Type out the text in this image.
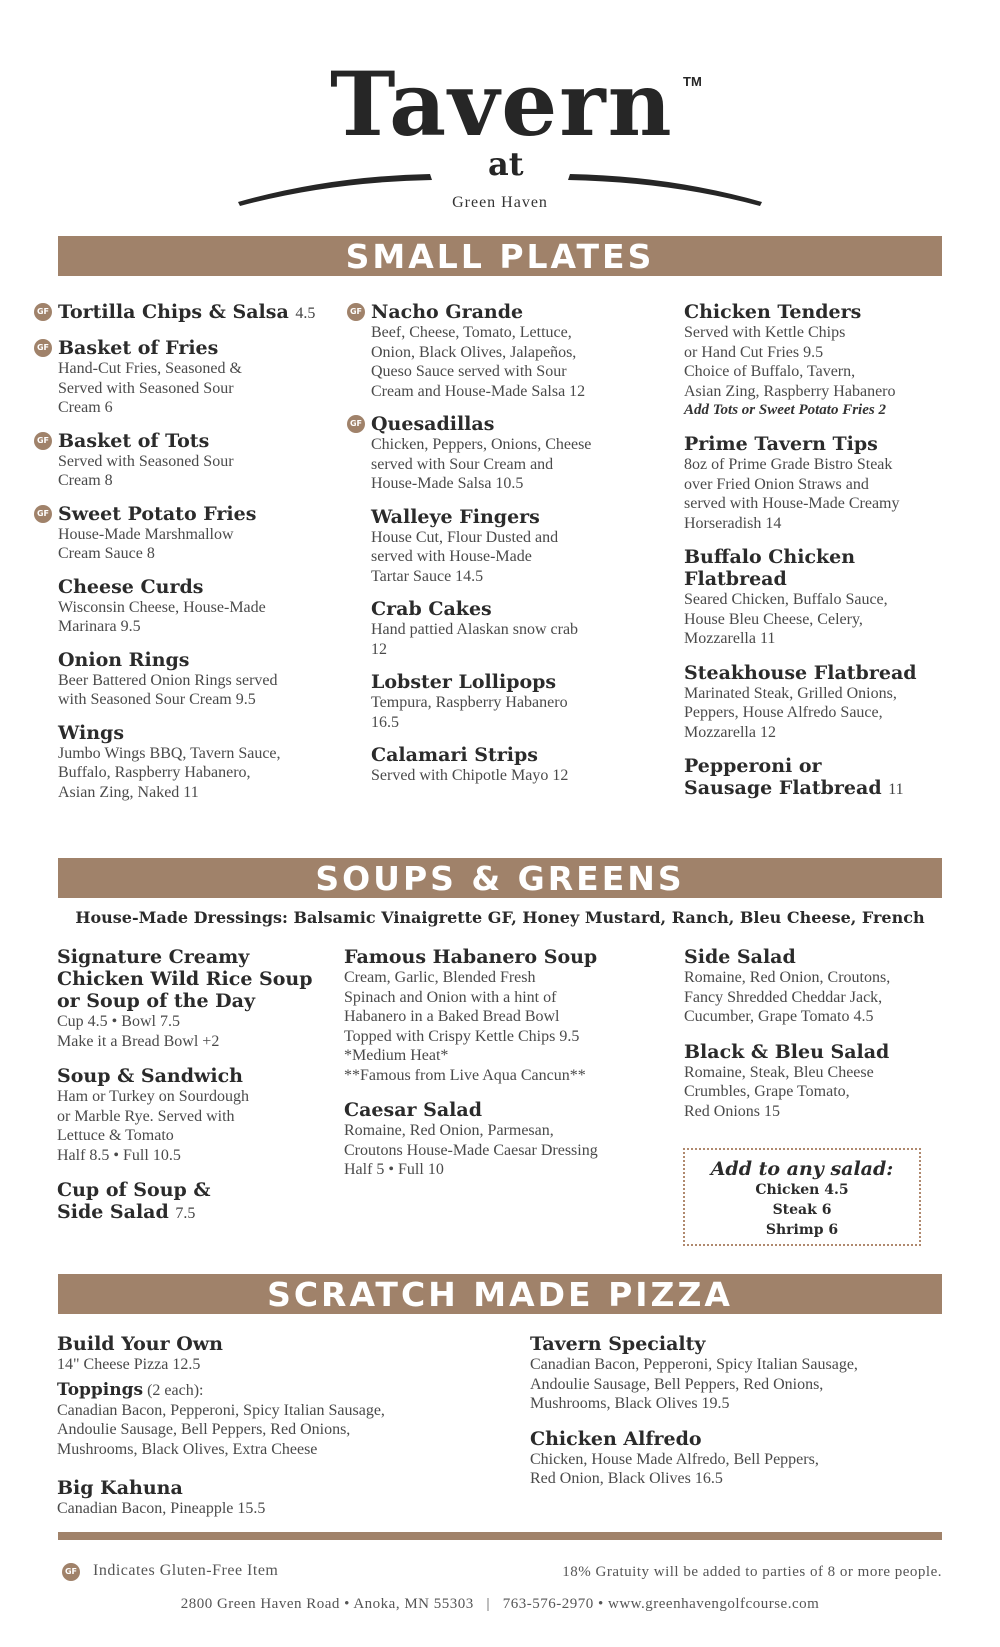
Tavern TM
at
Green Haven
SMALL PLATES
GF Tortilla Chips & Salsa 4.5
GF Basket of Fries
Hand-Cut Fries, Seasoned &
Served with Seasoned Sour
Cream 6
GF Basket of Tots
Served with Seasoned Sour
Cream 8
GF Sweet Potato Fries
House-Made Marshmallow
Cream Sauce 8
Cheese Curds
Wisconsin Cheese, House-Made
Marinara 9.5
Onion Rings
Beer Battered Onion Rings served
with Seasoned Sour Cream 9.5
Wings
Jumbo Wings BBQ, Tavern Sauce,
Buffalo, Raspberry Habanero,
Asian Zing, Naked 11
GF Nacho Grande
Beef, Cheese, Tomato, Lettuce,
Onion, Black Olives, Jalapeños,
Queso Sauce served with Sour
Cream and House-Made Salsa 12
GF Quesadillas
Chicken, Peppers, Onions, Cheese
served with Sour Cream and
House-Made Salsa 10.5
Walleye Fingers
House Cut, Flour Dusted and
served with House-Made
Tartar Sauce 14.5
Crab Cakes
Hand pattied Alaskan snow crab
12
Lobster Lollipops
Tempura, Raspberry Habanero
16.5
Calamari Strips
Served with Chipotle Mayo 12
Chicken Tenders
Served with Kettle Chips
or Hand Cut Fries 9.5
Choice of Buffalo, Tavern,
Asian Zing, Raspberry Habanero
Add Tots or Sweet Potato Fries 2
Prime Tavern Tips
8oz of Prime Grade Bistro Steak
over Fried Onion Straws and
served with House-Made Creamy
Horseradish 14
Buffalo Chicken Flatbread
Seared Chicken, Buffalo Sauce,
House Bleu Cheese, Celery,
Mozzarella 11
Steakhouse Flatbread
Marinated Steak, Grilled Onions,
Peppers, House Alfredo Sauce,
Mozzarella 12
Pepperoni or
Sausage Flatbread 11
SOUPS & GREENS
House-Made Dressings: Balsamic Vinaigrette GF, Honey Mustard, Ranch, Bleu Cheese, French
Signature Creamy
Chicken Wild Rice Soup
or Soup of the Day
Cup 4.5 • Bowl 7.5
Make it a Bread Bowl +2
Soup & Sandwich
Ham or Turkey on Sourdough
or Marble Rye. Served with
Lettuce & Tomato
Half 8.5 • Full 10.5
Cup of Soup &
Side Salad 7.5
Famous Habanero Soup
Cream, Garlic, Blended Fresh
Spinach and Onion with a hint of
Habanero in a Baked Bread Bowl
Topped with Crispy Kettle Chips 9.5
*Medium Heat*
**Famous from Live Aqua Cancun**
Caesar Salad
Romaine, Red Onion, Parmesan,
Croutons House-Made Caesar Dressing
Half 5 • Full 10
Side Salad
Romaine, Red Onion, Croutons,
Fancy Shredded Cheddar Jack,
Cucumber, Grape Tomato 4.5
Black & Bleu Salad
Romaine, Steak, Bleu Cheese
Crumbles, Grape Tomato,
Red Onions 15
Add to any salad:
Chicken 4.5
Steak 6
Shrimp 6
SCRATCH MADE PIZZA
Build Your Own
14" Cheese Pizza 12.5
Toppings (2 each):
Canadian Bacon, Pepperoni, Spicy Italian Sausage,
Andoulie Sausage, Bell Peppers, Red Onions,
Mushrooms, Black Olives, Extra Cheese
Big Kahuna
Canadian Bacon, Pineapple 15.5
Tavern Specialty
Canadian Bacon, Pepperoni, Spicy Italian Sausage,
Andoulie Sausage, Bell Peppers, Red Onions,
Mushrooms, Black Olives 19.5
Chicken Alfredo
Chicken, House Made Alfredo, Bell Peppers,
Red Onion, Black Olives 16.5
GF Indicates Gluten-Free Item	18% Gratuity will be added to parties of 8 or more people.
2800 Green Haven Road • Anoka, MN 55303   |   763-576-2970 • www.greenhavengolfcourse.com
